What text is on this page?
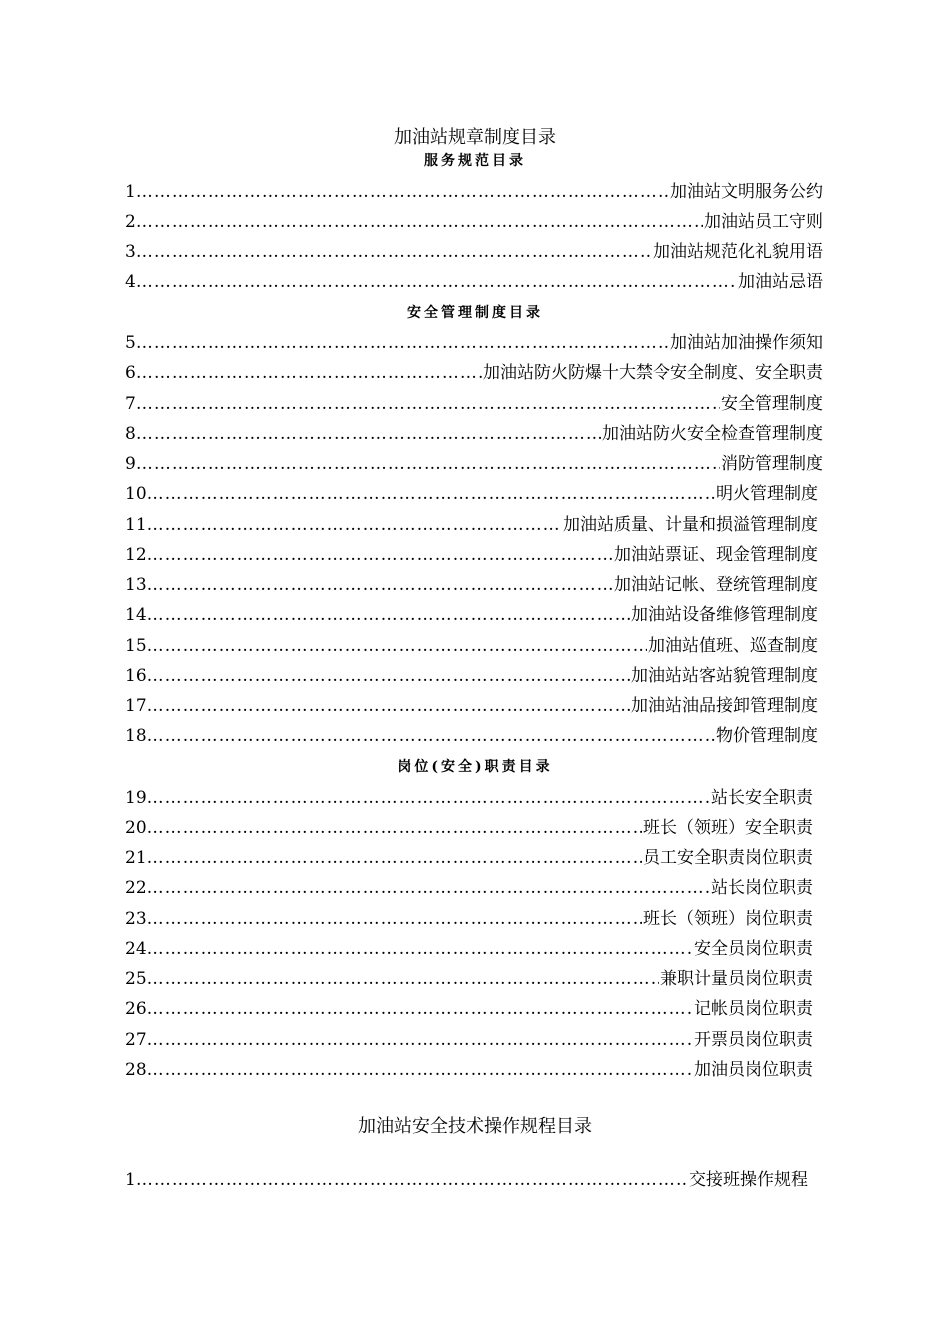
加油站规章制度目录
服务规范目录
1 ………………………………………………………………………………………………………………………………………………………………………………………………	加油站文明服务公约
2 ………………………………………………………………………………………………………………………………………………………………………………………………	加油站员工守则
3 ………………………………………………………………………………………………………………………………………………………………………………………………	加油站规范化礼貌用语
4 ………………………………………………………………………………………………………………………………………………………………………………………………	加油站忌语
安全管理制度目录
5 ………………………………………………………………………………………………………………………………………………………………………………………………	加油站加油操作须知
6 ………………………………………………………………………………………………………………………………………………………………………………………………	加油站防火防爆十大禁令安全制度、安全职责
7 ………………………………………………………………………………………………………………………………………………………………………………………………	安全管理制度
8 ………………………………………………………………………………………………………………………………………………………………………………………………	加油站防火安全检查管理制度
9 ………………………………………………………………………………………………………………………………………………………………………………………………	消防管理制度
10 ………………………………………………………………………………………………………………………………………………………………………………………………	明火管理制度
11 ………………………………………………………………………………………………………………………………………………………………………………………………	加油站质量、计量和损溢管理制度
12 ………………………………………………………………………………………………………………………………………………………………………………………………	加油站票证、现金管理制度
13 ………………………………………………………………………………………………………………………………………………………………………………………………	加油站记帐、登统管理制度
14 ………………………………………………………………………………………………………………………………………………………………………………………………	加油站设备维修管理制度
15 ………………………………………………………………………………………………………………………………………………………………………………………………	加油站值班、巡查制度
16 ………………………………………………………………………………………………………………………………………………………………………………………………	加油站站客站貌管理制度
17 ………………………………………………………………………………………………………………………………………………………………………………………………	加油站油品接卸管理制度
18 ………………………………………………………………………………………………………………………………………………………………………………………………	物价管理制度
岗位(安全)职责目录
19 ………………………………………………………………………………………………………………………………………………………………………………………………	站长安全职责
20 ………………………………………………………………………………………………………………………………………………………………………………………………	班长（领班）安全职责
21 ………………………………………………………………………………………………………………………………………………………………………………………………	员工安全职责岗位职责
22 ………………………………………………………………………………………………………………………………………………………………………………………………	站长岗位职责
23 ………………………………………………………………………………………………………………………………………………………………………………………………	班长（领班）岗位职责
24 ………………………………………………………………………………………………………………………………………………………………………………………………	安全员岗位职责
25 ………………………………………………………………………………………………………………………………………………………………………………………………	兼职计量员岗位职责
26 ………………………………………………………………………………………………………………………………………………………………………………………………	记帐员岗位职责
27 ………………………………………………………………………………………………………………………………………………………………………………………………	开票员岗位职责
28 ………………………………………………………………………………………………………………………………………………………………………………………………	加油员岗位职责
加油站安全技术操作规程目录
1 ………………………………………………………………………………………………………………………………………………………………………………………………	交接班操作规程
